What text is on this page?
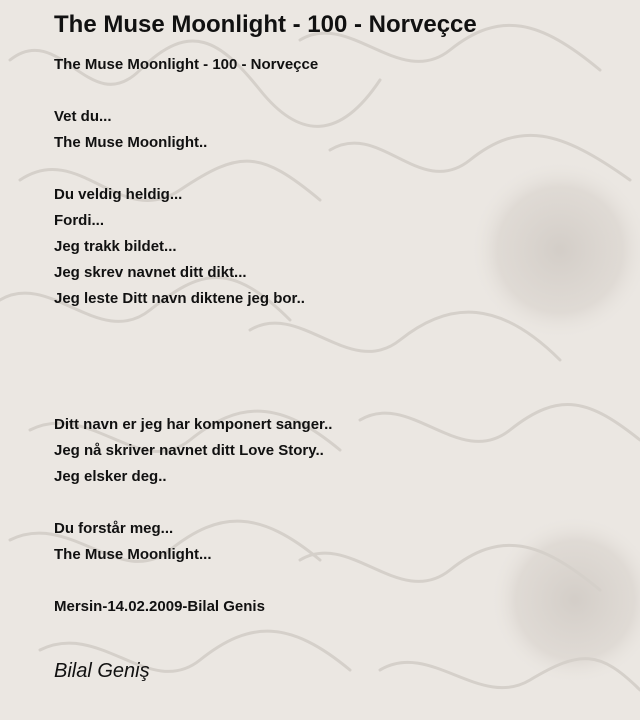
The Muse Moonlight - 100 - Norveçce
The Muse Moonlight - 100 - Norveçce
Vet du...
The Muse Moonlight..
Du veldig heldig...
Fordi...
Jeg trakk bildet...
Jeg skrev navnet ditt dikt...
Jeg leste Ditt navn diktene jeg bor..
Ditt navn er jeg har komponert sanger..
Jeg nå skriver navnet ditt Love Story..
Jeg elsker deg..
Du forstår meg...
The Muse Moonlight...
Mersin-14.02.2009-Bilal Genis
Bilal Geniş
